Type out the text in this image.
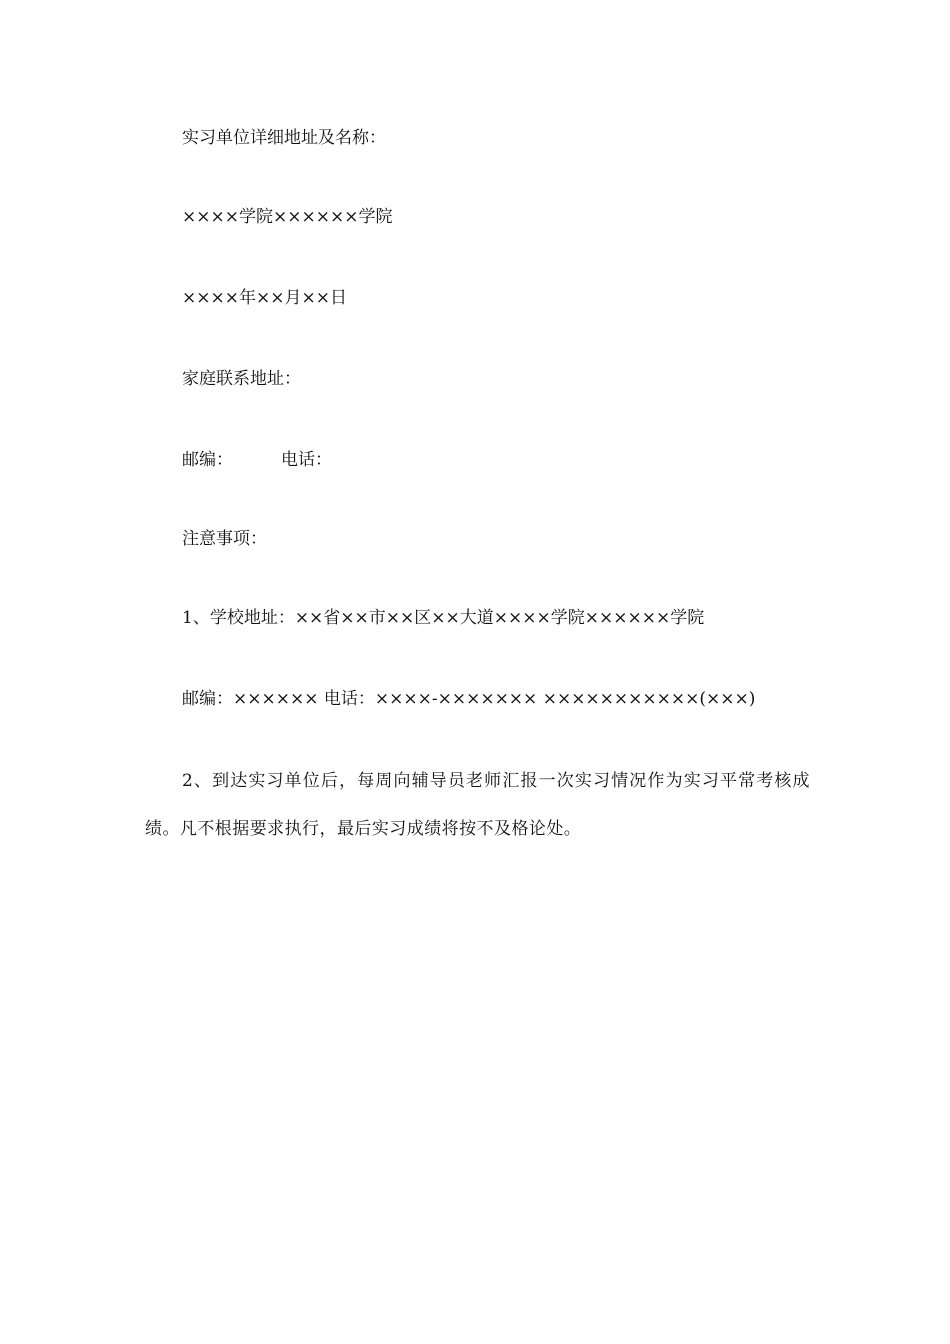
实习单位详细地址及名称：
××××学院××××××学院
××××年××月××日
家庭联系地址：
邮编：	电话：
注意事项：
1、学校地址：××省××市××区××大道××××学院××××××学院
邮编：×××××× 电话：××××-××××××× ×××××××××××(×××)
2、到达实习单位后，每周向辅导员老师汇报一次实习情况作为实习平常考核成绩。凡不根据要求执行，最后实习成绩将按不及格论处。
